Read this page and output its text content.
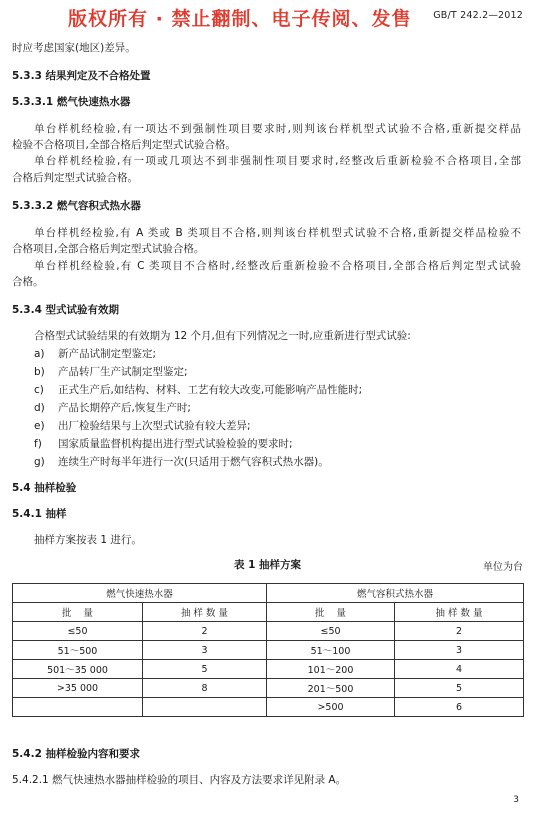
版权所有 · 禁止翻制、电子传阅、发售 GB/T 242.2—2012
时应考虑国家(地区)差异。
5.3.3 结果判定及不合格处置
5.3.3.1 燃气快速热水器
单台样机经检验,有一项达不到强制性项目要求时,则判该台样机型式试验不合格,重新提交样品
检验不合格项目,全部合格后判定型式试验合格。
单台样机经检验,有一项或几项达不到非强制性项目要求时,经整改后重新检验不合格项目,全部
合格后判定型式试验合格。
5.3.3.2 燃气容积式热水器
单台样机经检验,有 A 类或 B 类项目不合格,则判该台样机型式试验不合格,重新提交样品检验不
合格项目,全部合格后判定型式试验合格。
单台样机经检验,有 C 类项目不合格时,经整改后重新检验不合格项目,全部合格后判定型式试验
合格。
5.3.4 型式试验有效期
合格型式试验结果的有效期为 12 个月,但有下列情况之一时,应重新进行型式试验:
a) 新产品试制定型鉴定;
b) 产品转厂生产试制定型鉴定;
c) 正式生产后,如结构、材料、工艺有较大改变,可能影响产品性能时;
d) 产品长期停产后,恢复生产时;
e) 出厂检验结果与上次型式试验有较大差异;
f) 国家质量监督机构提出进行型式试验检验的要求时;
g) 连续生产时每半年进行一次(只适用于燃气容积式热水器)。
5.4 抽样检验
5.4.1 抽样
抽样方案按表 1 进行。
表 1 抽样方案	单位为台
燃气快速热水器		燃气容积式热水器	
批    量	抽 样 数 量	批    量	抽 样 数 量
≤50	2	≤50	2
51～500	3	51～100	3
501～35 000	5	101～200	4
>35 000	8	201～500	5
		>500	6
5.4.2 抽样检验内容和要求
5.4.2.1 燃气快速热水器抽样检验的项目、内容及方法要求详见附录 A。
3
